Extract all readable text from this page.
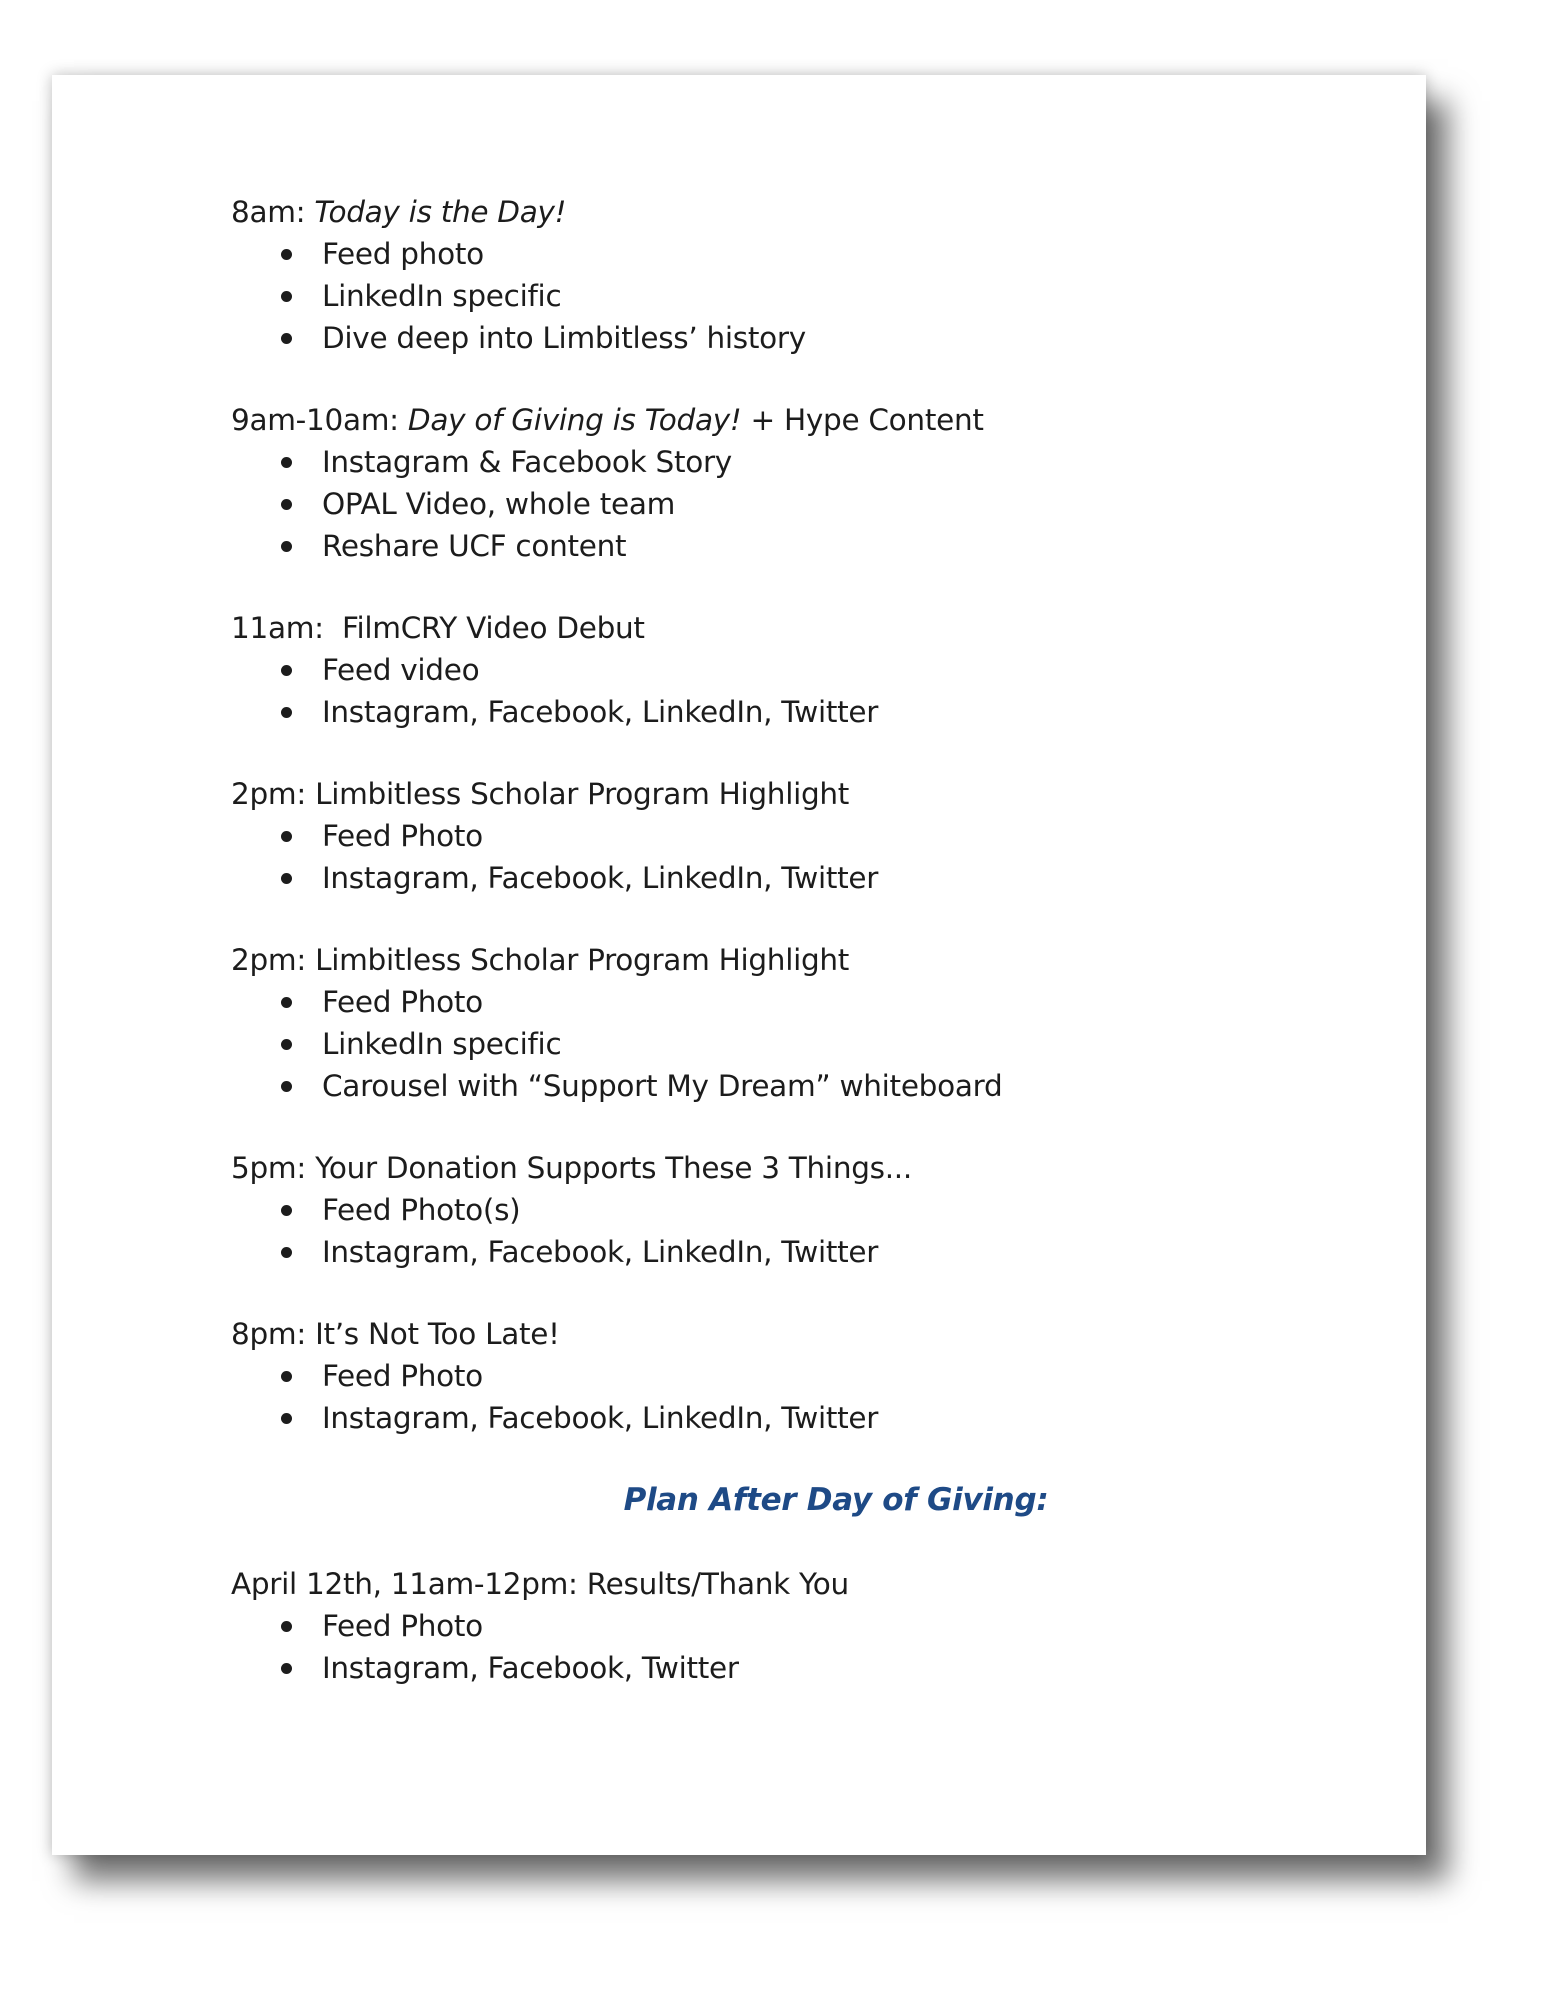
8am: Today is the Day!
Feed photo
LinkedIn specific
Dive deep into Limbitless’ history
9am-10am: Day of Giving is Today! + Hype Content
Instagram & Facebook Story
OPAL Video, whole team
Reshare UCF content
11am:  FilmCRY Video Debut
Feed video
Instagram, Facebook, LinkedIn, Twitter
2pm: Limbitless Scholar Program Highlight
Feed Photo
Instagram, Facebook, LinkedIn, Twitter
2pm: Limbitless Scholar Program Highlight
Feed Photo
LinkedIn specific
Carousel with “Support My Dream” whiteboard
5pm: Your Donation Supports These 3 Things...
Feed Photo(s)
Instagram, Facebook, LinkedIn, Twitter
8pm: It’s Not Too Late!
Feed Photo
Instagram, Facebook, LinkedIn, Twitter
Plan After Day of Giving:
April 12th, 11am-12pm: Results/Thank You
Feed Photo
Instagram, Facebook, Twitter
